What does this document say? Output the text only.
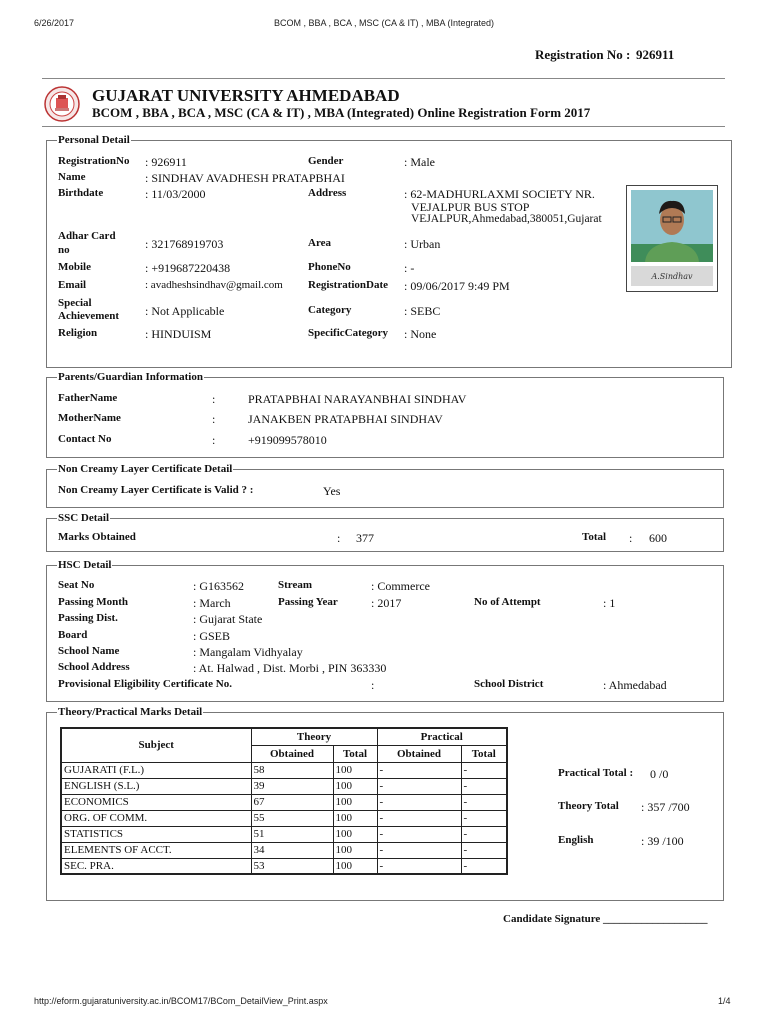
6/26/2017	BCOM , BBA , BCA , MSC (CA & IT) , MBA (Integrated)
Registration No : 926911
GUJARAT UNIVERSITY AHMEDABAD
BCOM , BBA , BCA , MSC (CA & IT) , MBA (Integrated) Online Registration Form 2017
Personal Detail
RegistrationNo : 926911	Gender	: Male
Name	: SINDHAV AVADHESH PRATAPBHAI
Birthdate	: 11/03/2000	Address	: 62-MADHURLAXMI SOCIETY NR.
VEJALPUR BUS STOP
VEJALPUR,Ahmedabad,380051,Gujarat
Adhar Card
no	: 321768919703	Area	: Urban
Mobile	: +919687220438	PhoneNo	: -
Email	: avadheshsindhav@gmail.com RegistrationDate : 09/06/2017 9:49 PM
Special
Achievement : Not Applicable	Category	: SEBC
Religion	: HINDUISM	SpecificCategory : None
A.Sindhav
Parents/Guardian Information
FatherName	:	PRATAPBHAI NARAYANBHAI SINDHAV
MotherName	:	JANAKBEN PRATAPBHAI SINDHAV
Contact No	:	+919099578010
Non Creamy Layer Certificate Detail
Non Creamy Layer Certificate is Valid ? :	Yes
SSC Detail
Marks Obtained	: 377	Total : 600
HSC Detail
Seat No	: G163562	Stream	: Commerce
Passing Month	: March	Passing Year	: 2017	No of Attempt	: 1
Passing Dist.	: Gujarat State
Board	: GSEB
School Name	: Mangalam Vidhyalay
School Address	: At. Halwad , Dist. Morbi , PIN 363330
Provisional Eligibility Certificate No.	:	School District	: Ahmedabad
Theory/Practical Marks Detail
Subject	Theory		Practical	
	Obtained	Total	Obtained	Total
GUJARATI (F.L.)	58	100	-	-
ENGLISH (S.L.)	39	100	-	-
ECONOMICS	67	100	-	-
ORG. OF COMM.	55	100	-	-
STATISTICS	51	100	-	-
ELEMENTS OF ACCT.	34	100	-	-
SEC. PRA.	53	100	-	-
Practical Total : 0 /0
Theory Total : 357 /700
English	: 39 /100
Candidate Signature ___________________
http://eform.gujaratuniversity.ac.in/BCOM17/BCom_DetailView_Print.aspx	1/4
